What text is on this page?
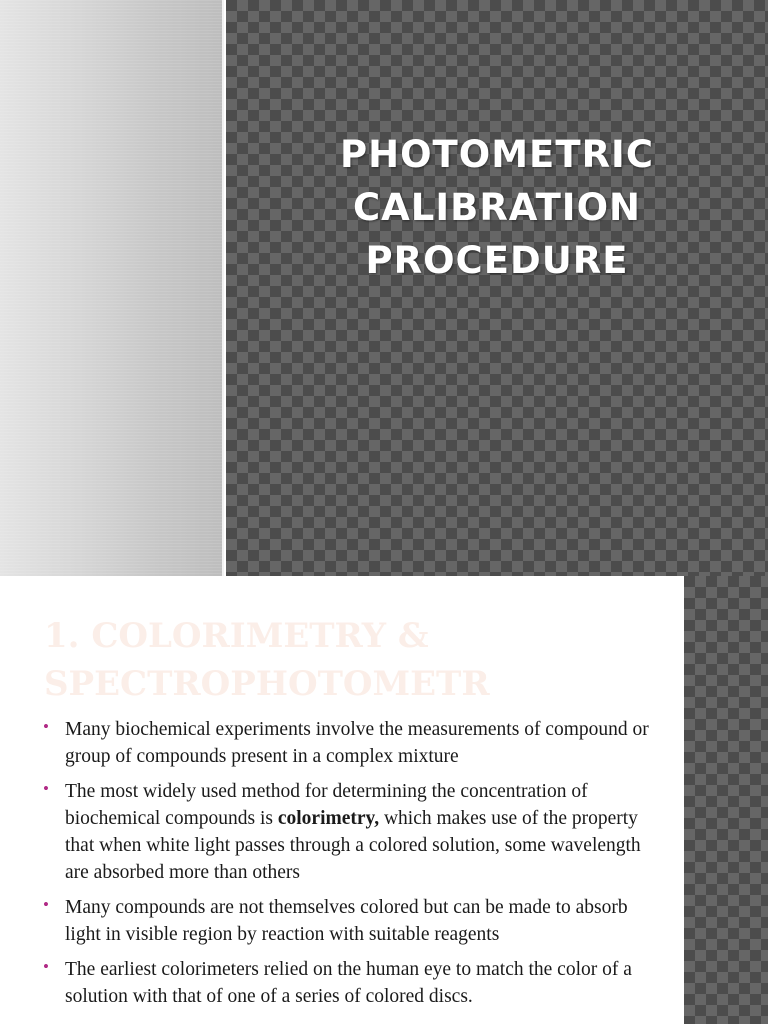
PHOTOMETRIC
CALIBRATION
PROCEDURE
1. COLORIMETRY &
SPECTROPHOTOMETR
• Many biochemical experiments involve the measurements of compound or group of compounds present in a complex mixture
• The most widely used method for determining the concentration of biochemical compounds is colorimetry, which makes use of the property that when white light passes through a colored solution, some wavelength are absorbed more than others
• Many compounds are not themselves colored but can be made to absorb light in visible region by reaction with suitable reagents
• The earliest colorimeters relied on the human eye to match the color of a solution with that of one of a series of colored discs.
